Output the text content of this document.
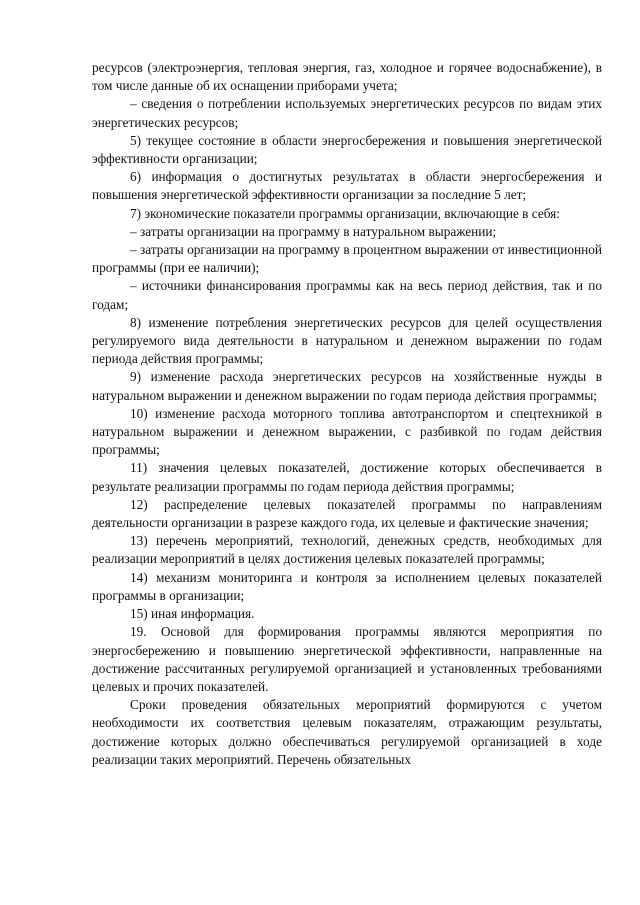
ресурсов (электроэнергия, тепловая энергия, газ, холодное и горячее водоснабжение), в том числе данные об их оснащении приборами учета;

– сведения о потреблении используемых энергетических ресурсов по видам этих энергетических ресурсов;

5) текущее состояние в области энергосбережения и повышения энергетической эффективности организации;

6) информация о достигнутых результатах в области энергосбережения и повышения энергетической эффективности организации за последние 5 лет;

7) экономические показатели программы организации, включающие в себя:

– затраты организации на программу в натуральном выражении;

– затраты организации на программу в процентном выражении от инвестиционной программы (при ее наличии);

– источники финансирования программы как на весь период действия, так и по годам;

8) изменение потребления энергетических ресурсов для целей осуществления регулируемого вида деятельности в натуральном и денежном выражении по годам периода действия программы;

9) изменение расхода энергетических ресурсов на хозяйственные нужды в натуральном выражении и денежном выражении по годам периода действия программы;

10) изменение расхода моторного топлива автотранспортом и спецтехникой в натуральном выражении и денежном выражении, с разбивкой по годам действия программы;

11) значения целевых показателей, достижение которых обеспечивается в результате реализации программы по годам периода действия программы;

12) распределение целевых показателей программы по направлениям деятельности организации в разрезе каждого года, их целевые и фактические значения;

13) перечень мероприятий, технологий, денежных средств, необходимых для реализации мероприятий в целях достижения целевых показателей программы;

14) механизм мониторинга и контроля за исполнением целевых показателей программы в организации;

15) иная информация.

19. Основой для формирования программы являются мероприятия по энергосбережению и повышению энергетической эффективности, направленные на достижение рассчитанных регулируемой организацией и установленных требованиями целевых и прочих показателей.

Сроки проведения обязательных мероприятий формируются с учетом необходимости их соответствия целевым показателям, отражающим результаты, достижение которых должно обеспечиваться регулируемой организацией в ходе реализации таких мероприятий. Перечень обязательных
